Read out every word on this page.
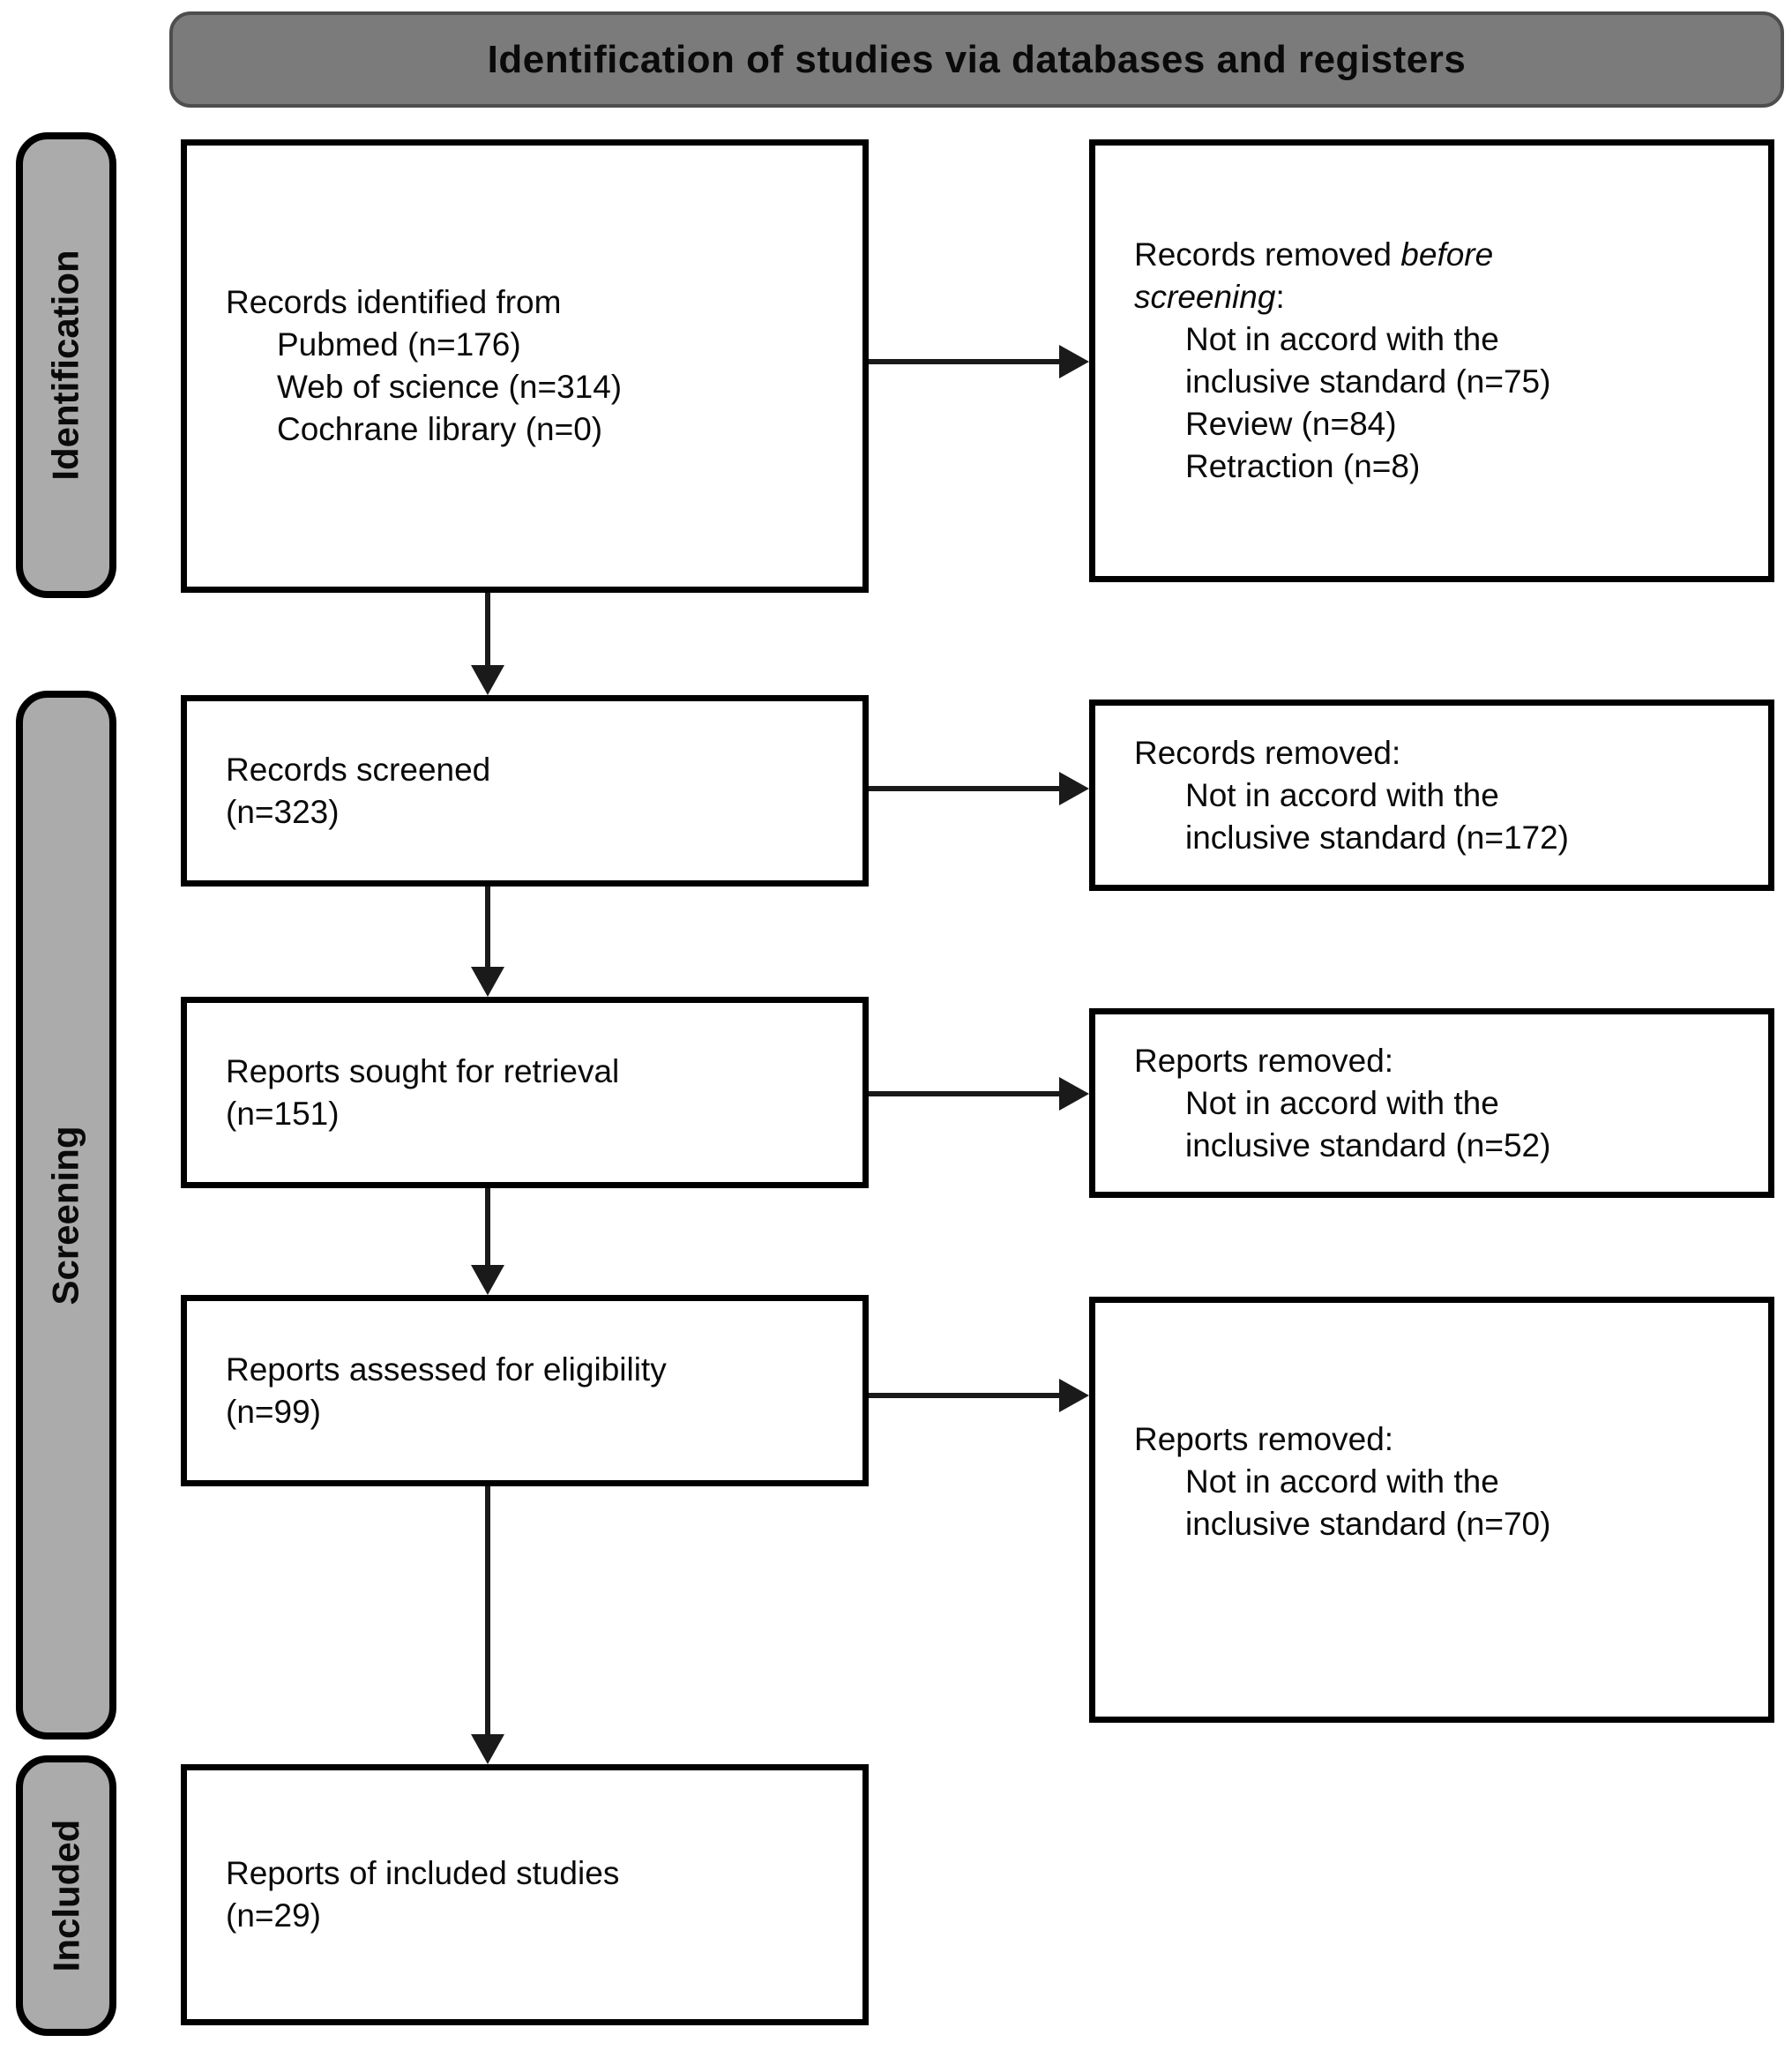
Identification of studies via databases and registers
Identification
Screening
Included
Records identified from
Pubmed (n=176)
Web of science (n=314)
Cochrane library (n=0)
Records screened
(n=323)
Reports sought for retrieval
(n=151)
Reports assessed for eligibility
(n=99)
Reports of included studies
(n=29)
Records removed before
screening:
Not in accord with the
inclusive standard (n=75)
Review (n=84)
Retraction (n=8)
Records removed:
Not in accord with the
inclusive standard (n=172)
Reports removed:
Not in accord with the
inclusive standard (n=52)
Reports removed:
Not in accord with the
inclusive standard (n=70)
